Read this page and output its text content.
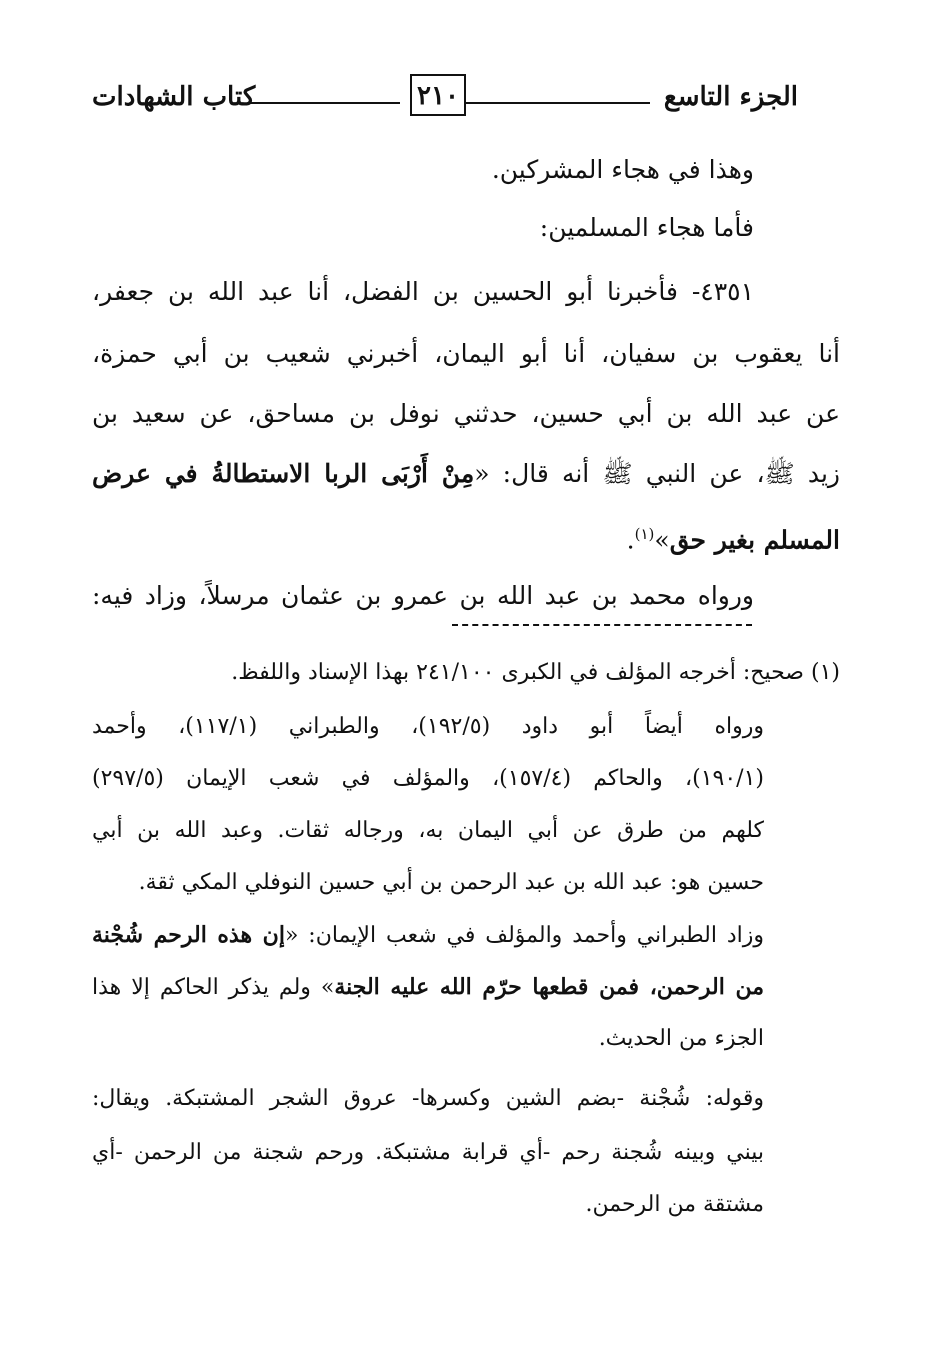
الجزء التاسع
٢١٠
كتاب الشهادات
وهذا في هجاء المشركين.
فأما هجاء المسلمين:
٤٣٥١- فأخبرنا أبو الحسين بن الفضل، أنا عبد الله بن جعفر،
أنا يعقوب بن سفيان، أنا أبو اليمان، أخبرني شعيب بن أبي حمزة،
عن عبد الله بن أبي حسين، حدثني نوفل بن مساحق، عن سعيد بن
زيد ﷺ، عن النبي ﷺ أنه قال: «مِنْ أَرْبَى الربا الاستطالةُ في عرض
المسلم بغير حق»$^{(١)}$.
ورواه محمد بن عبد الله بن عمرو بن عثمان مرسلاً، وزاد فيه:
(١) صحيح: أخرجه المؤلف في الكبرى ٢٤١/١٠٠ بهذا الإسناد واللفظ.
ورواه أيضاً أبو داود (١٩٢/٥)، والطبراني (١١٧/١)، وأحمد
(١٩٠/١)، والحاكم (١٥٧/٤)، والمؤلف في شعب الإيمان (٢٩٧/٥)
كلهم من طرق عن أبي اليمان به، ورجاله ثقات. وعبد الله بن أبي
حسين هو: عبد الله بن عبد الرحمن بن أبي حسين النوفلي المكي ثقة.
وزاد الطبراني وأحمد والمؤلف في شعب الإيمان: «إن هذه الرحم شُجْنة
من الرحمن، فمن قطعها حرّم الله عليه الجنة» ولم يذكر الحاكم إلا هذا
الجزء من الحديث.
وقوله: شُجْنة -بضم الشين وكسرها- عروق الشجر المشتبكة. ويقال:
بيني وبينه شُجنة رحم -أي قرابة مشتبكة. ورحم شجنة من الرحمن -أي
مشتقة من الرحمن.
